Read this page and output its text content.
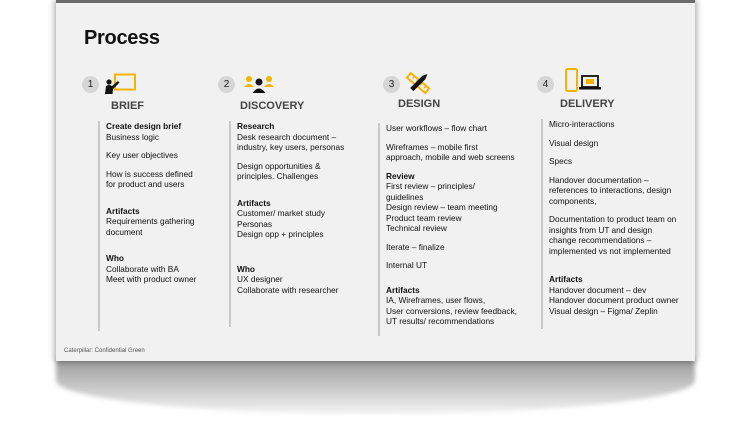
Process
1
BRIEF
2
DISCOVERY
3
DESIGN
4
DELIVERY
Create design brief
Business logic
Key user objectives
How is success defined
for product and users
Artifacts
Requirements gathering
document
Who
Collaborate with BA
Meet with product owner
Research
Desk research document –
industry, key users, personas
Design opportunities &
principles. Challenges
Artifacts
Customer/ market study
Personas
Design opp + principles
Who
UX designer
Collaborate with researcher
User workflows – flow chart
Wireframes – mobile first
approach, mobile and web screens
Review
First review – principles/
guidelines
Design review – team meeting
Product team review
Technical review
Iterate – finalize
Internal UT
Artifacts
IA, Wireframes, user flows,
User conversions, review feedback,
UT results/ recommendations
Micro-interactions
Visual design
Specs
Handover documentation –
references to interactions, design
components,
Documentation to product team on
insights from UT and design
change recommendations –
implemented vs not implemented
Artifacts
Handover document – dev
Handover document product owner
Visual design – Figma/ Zeplin
Caterpillar: Confidential Green
